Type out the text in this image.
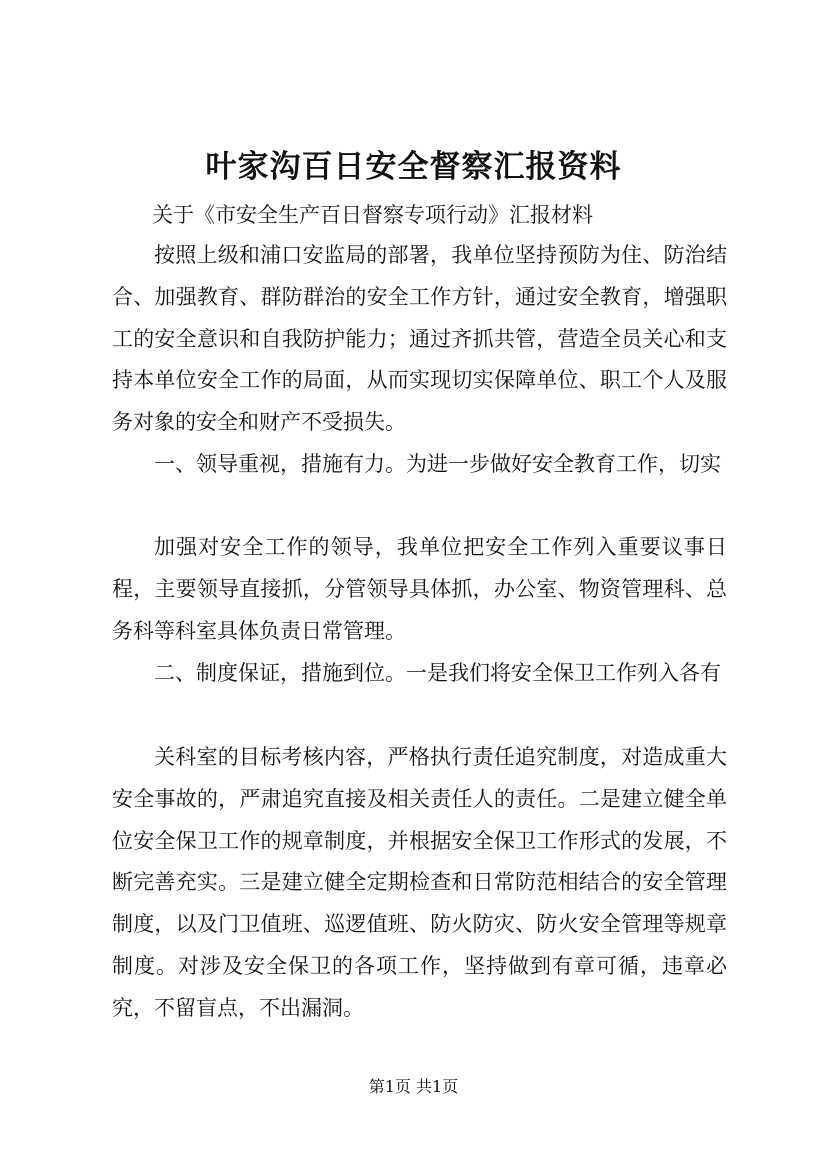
叶家沟百日安全督察汇报资料

关于《市安全生产百日督察专项行动》汇报材料

按照上级和浦口安监局的部署，我单位坚持预防为住、防治结合、加强教育、群防群治的安全工作方针，通过安全教育，增强职工的安全意识和自我防护能力；通过齐抓共管，营造全员关心和支持本单位安全工作的局面，从而实现切实保障单位、职工个人及服务对象的安全和财产不受损失。

一、领导重视，措施有力。为进一步做好安全教育工作，切实

加强对安全工作的领导，我单位把安全工作列入重要议事日程，主要领导直接抓，分管领导具体抓，办公室、物资管理科、总务科等科室具体负责日常管理。

二、制度保证，措施到位。一是我们将安全保卫工作列入各有

关科室的目标考核内容，严格执行责任追究制度，对造成重大安全事故的，严肃追究直接及相关责任人的责任。二是建立健全单位安全保卫工作的规章制度，并根据安全保卫工作形式的发展，不断完善充实。三是建立健全定期检查和日常防范相结合的安全管理制度，以及门卫值班、巡逻值班、防火防灾、防火安全管理等规章制度。对涉及安全保卫的各项工作，坚持做到有章可循，违章必究，不留盲点，不出漏洞。

第1页 共1页
